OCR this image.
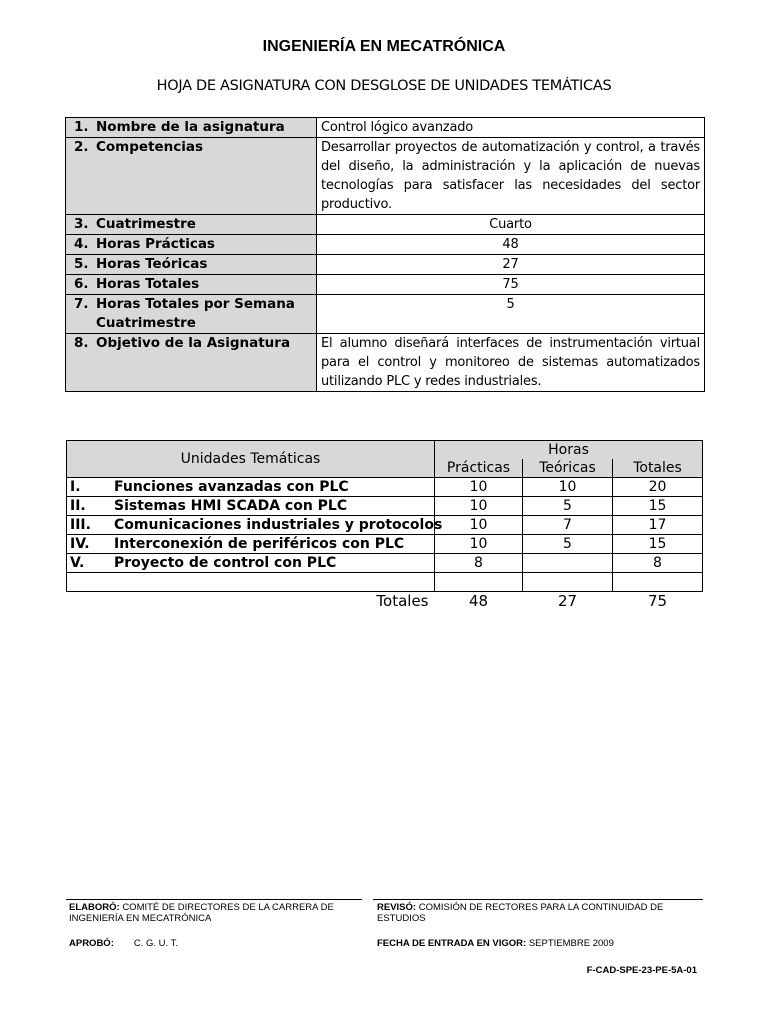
INGENIERÍA EN MECATRÓNICA
HOJA DE ASIGNATURA CON DESGLOSE DE UNIDADES TEMÁTICAS
1. Nombre de la asignatura	Control lógico avanzado
2. Competencias	Desarrollar proyectos de automatización y control, a través del diseño, la administración y la aplicación de nuevas tecnologías para satisfacer las necesidades del sector productivo.
3. Cuatrimestre	Cuarto
4. Horas Prácticas	48
5. Horas Teóricas	27
6. Horas Totales	75
7. Horas Totales por Semana
Cuatrimestre	5
8. Objetivo de la Asignatura	El alumno diseñará interfaces de instrumentación virtual para el control y monitoreo de sistemas automatizados utilizando PLC y redes industriales.
Unidades Temáticas	Horas		
	Prácticas	Teóricas	Totales
I. Funciones avanzadas con PLC	10	10	20
II. Sistemas HMI SCADA con PLC	10	5	15
III. Comunicaciones industriales y protocolos	10	7	17
IV. Interconexión de periféricos con PLC	10	5	15
V. Proyecto de control con PLC	8		8

Totales	48	27	75
ELABORÓ: COMITÉ DE DIRECTORES DE LA CARRERA DE INGENIERÍA EN MECATRÓNICA
REVISÓ: COMISIÓN DE RECTORES PARA LA CONTINUIDAD DE ESTUDIOS
APROBÓ: C. G. U. T.	FECHA DE ENTRADA EN VIGOR: SEPTIEMBRE 2009
F-CAD-SPE-23-PE-5A-01
